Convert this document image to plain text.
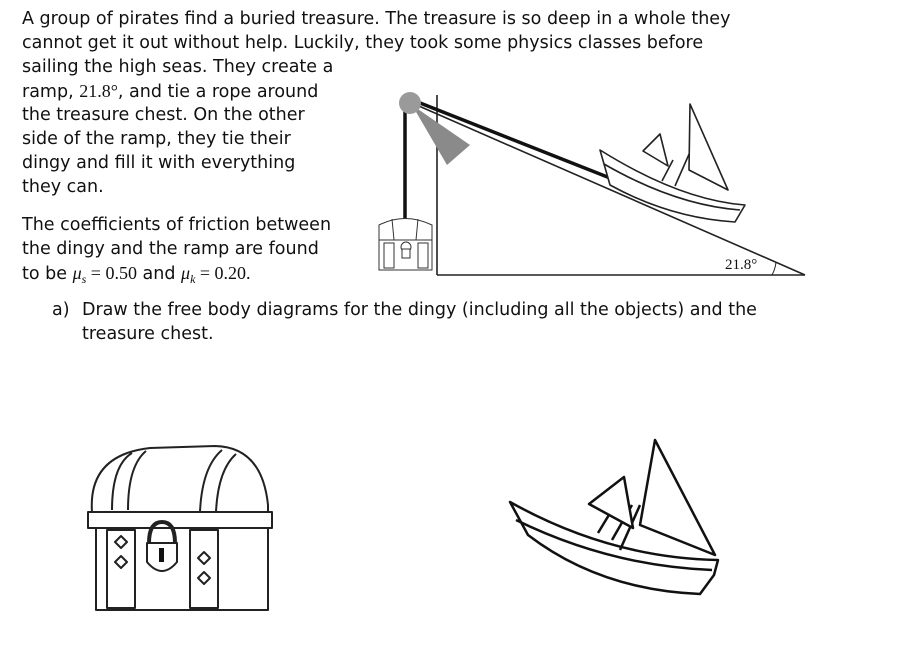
A group of pirates find a buried treasure. The treasure is so deep in a whole they
cannot get it out without help. Luckily, they took some physics classes before
sailing the high seas. They create a
ramp, 21.8°, and tie a rope around
the treasure chest. On the other
side of the ramp, they tie their
dingy and fill it with everything
they can.
The coefficients of friction between
the dingy and the ramp are found
to be $\mu_s = 0.50$ and $\mu_k = 0.20$.
a) Draw the free body diagrams for the dingy (including all the objects) and the
treasure chest.
21.8°
